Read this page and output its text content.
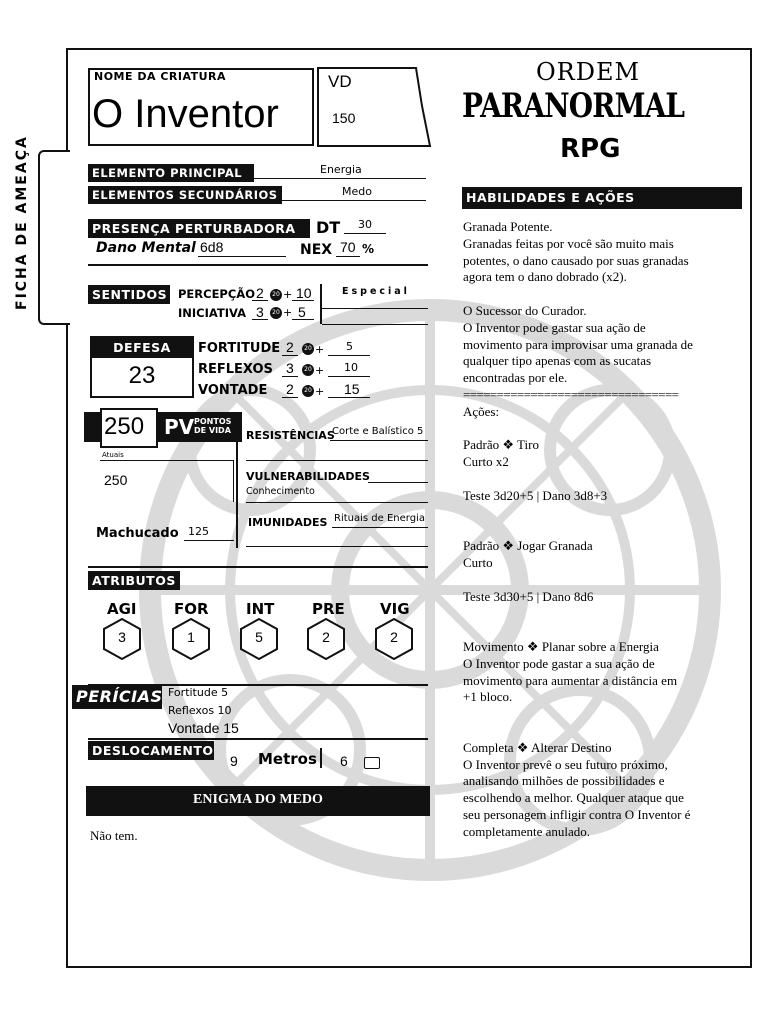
FICHA DE AMEAÇA
NOME DA CRIATURA
O Inventor
VD
150
ORDEM
PARANORMAL
RPG
ELEMENTO PRINCIPAL	Energia
ELEMENTOS SECUNDÁRIOS	Medo
PRESENÇA PERTURBADORA	DT 30
Dano Mental 6d8	NEX 70 %
SENTIDOS PERCEPÇÃO 2	20 + 10
INICIATIVA 3	20 + 5
Especial
DEFESA
23
FORTITUDE 2	20 + 5
REFLEXOS 3	20 + 10
VONTADE 2	20 + 15
250 PV PONTOS
DE VIDA
Atuais
250
Machucado 125
RESISTÊNCIAS
Corte e Balístico 5
VULNERABILIDADES
Conhecimento
IMUNIDADES Rituais de Energia
ATRIBUTOS
AGI
3
FOR
1
INT
5
PRE
2
VIG
2
PERÍCIAS Fortitude 5
Reflexos 10
Vontade 15
DESLOCAMENTO
9 Metros 6
ENIGMA DO MEDO
Não tem.
HABILIDADES E AÇÕES
Granada Potente.
Granadas feitas por você são muito mais
potentes, o dano causado por suas granadas
agora tem o dano dobrado (x2).
O Sucessor do Curador.
O Inventor pode gastar sua ação de
movimento para improvisar uma granada de
qualquer tipo apenas com as sucatas
encontradas por ele.
================================
Ações:
Padrão ❖ Tiro
Curto x2
Teste 3d20+5 | Dano 3d8+3
Padrão ❖ Jogar Granada
Curto
Teste 3d30+5 | Dano 8d6
Movimento ❖ Planar sobre a Energia
O Inventor pode gastar a sua ação de
movimento para aumentar a distância em
+1 bloco.
Completa ❖ Alterar Destino
O Inventor prevê o seu futuro próximo,
analisando milhões de possibilidades e
escolhendo a melhor. Qualquer ataque que
seu personagem infligir contra O Inventor é
completamente anulado.
